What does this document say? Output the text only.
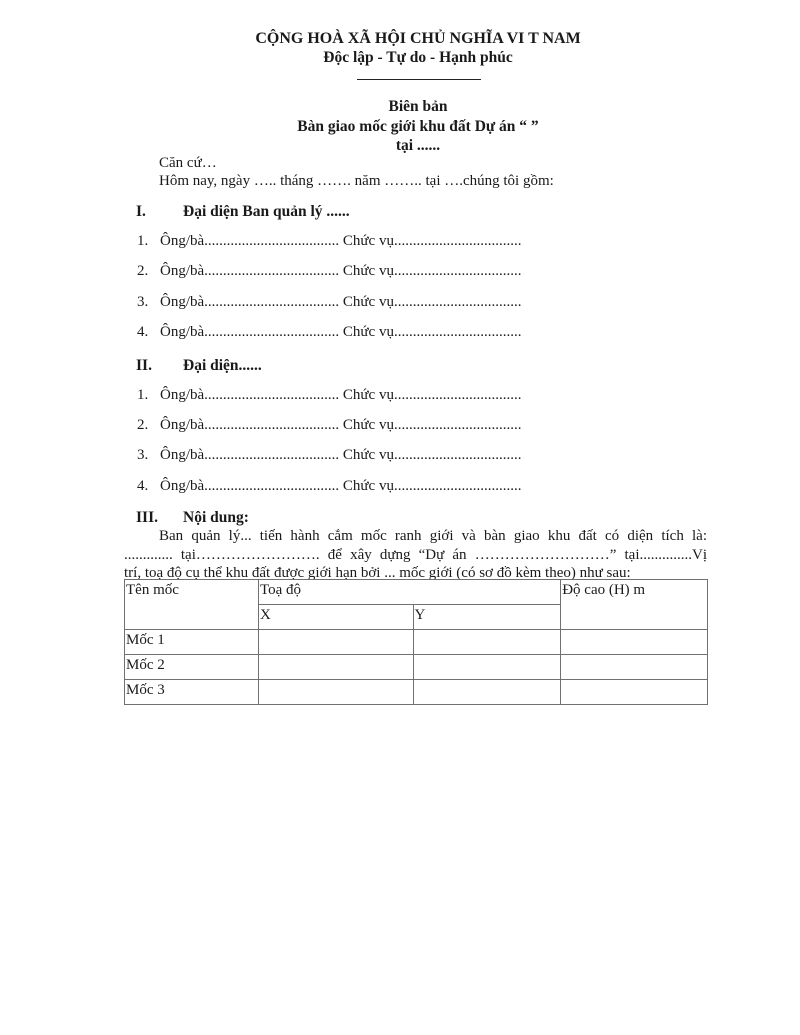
CỘNG HOÀ XÃ HỘI CHỦ NGHĨA VI T NAM
Độc lập - Tự do - Hạnh phúc
Biên bản
Bàn giao mốc giới khu đất Dự án “ ”
tại ......
Căn cứ…
Hôm nay, ngày ….. tháng ……. năm …….. tại ….chúng tôi gồm:
I. Đại diện Ban quản lý ......
1. Ông/bà.................................... Chức vụ..................................
2. Ông/bà.................................... Chức vụ..................................
3. Ông/bà.................................... Chức vụ..................................
4. Ông/bà.................................... Chức vụ..................................
II. Đại diện......
1. Ông/bà.................................... Chức vụ..................................
2. Ông/bà.................................... Chức vụ..................................
3. Ông/bà.................................... Chức vụ..................................
4. Ông/bà.................................... Chức vụ..................................
III. Nội dung:
Ban quản lý... tiến hành cắm mốc ranh giới và bàn giao khu đất có diện tích là:
............. tại……………………. để xây dựng “Dự án ………………………” tại..............Vị
trí, toạ độ cụ thể khu đất được giới hạn bởi ... mốc giới (có sơ đồ kèm theo) như sau:
Tên mốc	Toạ độ		Độ cao (H) m
	X	Y	
Mốc 1			
Mốc 2			
Mốc 3			
